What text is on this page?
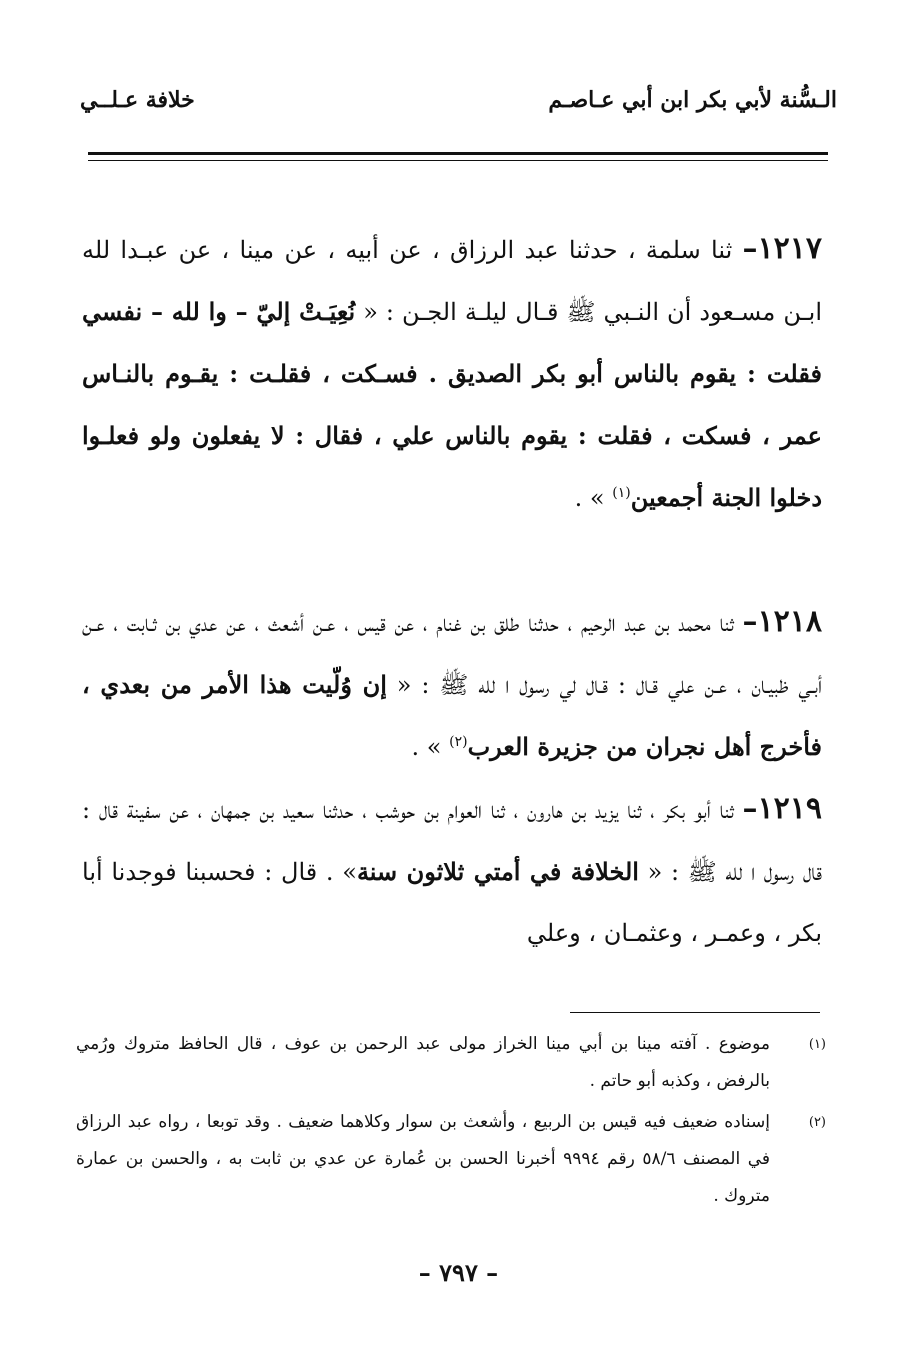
الـسُّنة لأبي بكر ابن أبي عـاصـم
خلافة عـلــي

١٢١٧– ثنا سلمة ، حدثنا عبد الرزاق ، عن أبيه ، عن مينا ، عن عبـدا لله ابـن مسـعود أن النـبي ﷺ قـال ليلـة الجـن : « نُعِيَـتْ إليّ – وا لله – نفسي فقلت : يقوم بالناس أبو بكر الصديق . فسـكت ، فقلـت : يقـوم بالنـاس عمر ، فسكت ، فقلت : يقوم بالناس علي ، فقال : لا يفعلون ولو فعلـوا دخلوا الجنة أجمعين$^{(١)}$ » .

١٢١٨– ثنا محمد بن عبد الرحيم ، حدثنا طلق بن غنام ، عن قيس ، عـن أشعث ، عن عدي بن ثـابت ، عـن أبـي ظبيـان ، عـن علي قـال : قـال لي رسول ا لله ﷺ : « إن وُلّيت هذا الأمر من بعدي ، فأخرج أهل نجران من جزيرة العرب$^{(٢)}$ » .

١٢١٩– ثنا أبو بكر ، ثنا يزيد بن هارون ، ثنا العوام بن حوشب ، حدثنا سعيد بن جمهان ، عن سفينة قال : قال رسول ا لله ﷺ : « الخلافة في أمتي ثلاثون سنة» . قال : فحسبنا فوجدنا أبا بكر ، وعمـر ، وعثمـان ، وعلي

(١)
موضوع . آفته مينا بن أبي مينا الخراز مولى عبد الرحمن بن عوف ، قال الحافظ متروك ورُمي بالرفض ، وكذبه أبو حاتم .
(٢)
إسناده ضعيف فيه قيس بن الربيع ، وأشعث بن سوار وكلاهما ضعيف . وقد توبعا ، رواه عبد الرزاق في المصنف ٥٨/٦ رقم ٩٩٩٤ أخبرنا الحسن بن عُمارة عن عدي بن ثابت به ، والحسن بن عمارة متروك .
– ٧٩٧ –
